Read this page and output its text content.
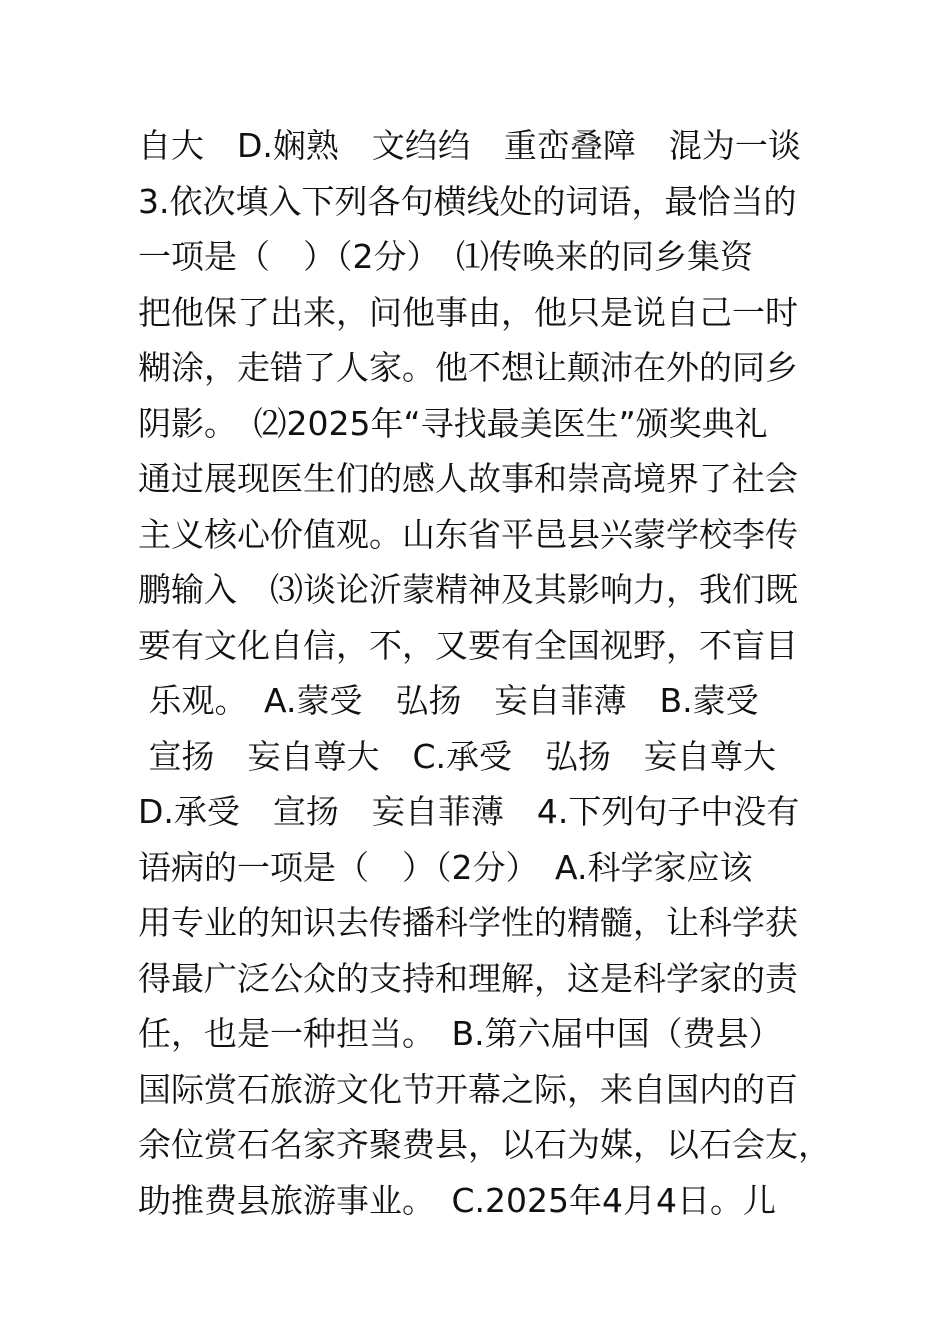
自大　D.娴熟　文绉绉　重峦叠障　混为一谈
3.依次填入下列各句横线处的词语，最恰当的
一项是（　）（2分）　⑴传唤来的同乡集资
把他保了出来，问他事由，他只是说自己一时
糊涂，走错了人家。他不想让颠沛在外的同乡
阴影。　⑵2025年“寻找最美医生”颁奖典礼
通过展现医生们的感人故事和崇高境界了社会
主义核心价值观。山东省平邑县兴蒙学校李传
鹏输入　⑶谈论沂蒙精神及其影响力，我们既
要有文化自信，不，又要有全国视野，不盲目
乐观。　A.蒙受　弘扬　妄自菲薄　B.蒙受
宣扬　妄自尊大　C.承受　弘扬　妄自尊大
D.承受　宣扬　妄自菲薄　4.下列句子中没有
语病的一项是（　）（2分）　A.科学家应该
用专业的知识去传播科学性的精髓，让科学获
得最广泛公众的支持和理解，这是科学家的责
任，也是一种担当。　B.第六届中国（费县）
国际赏石旅游文化节开幕之际，来自国内的百
余位赏石名家齐聚费县，以石为媒，以石会友，
助推费县旅游事业。　C.2025年4月4日。儿
